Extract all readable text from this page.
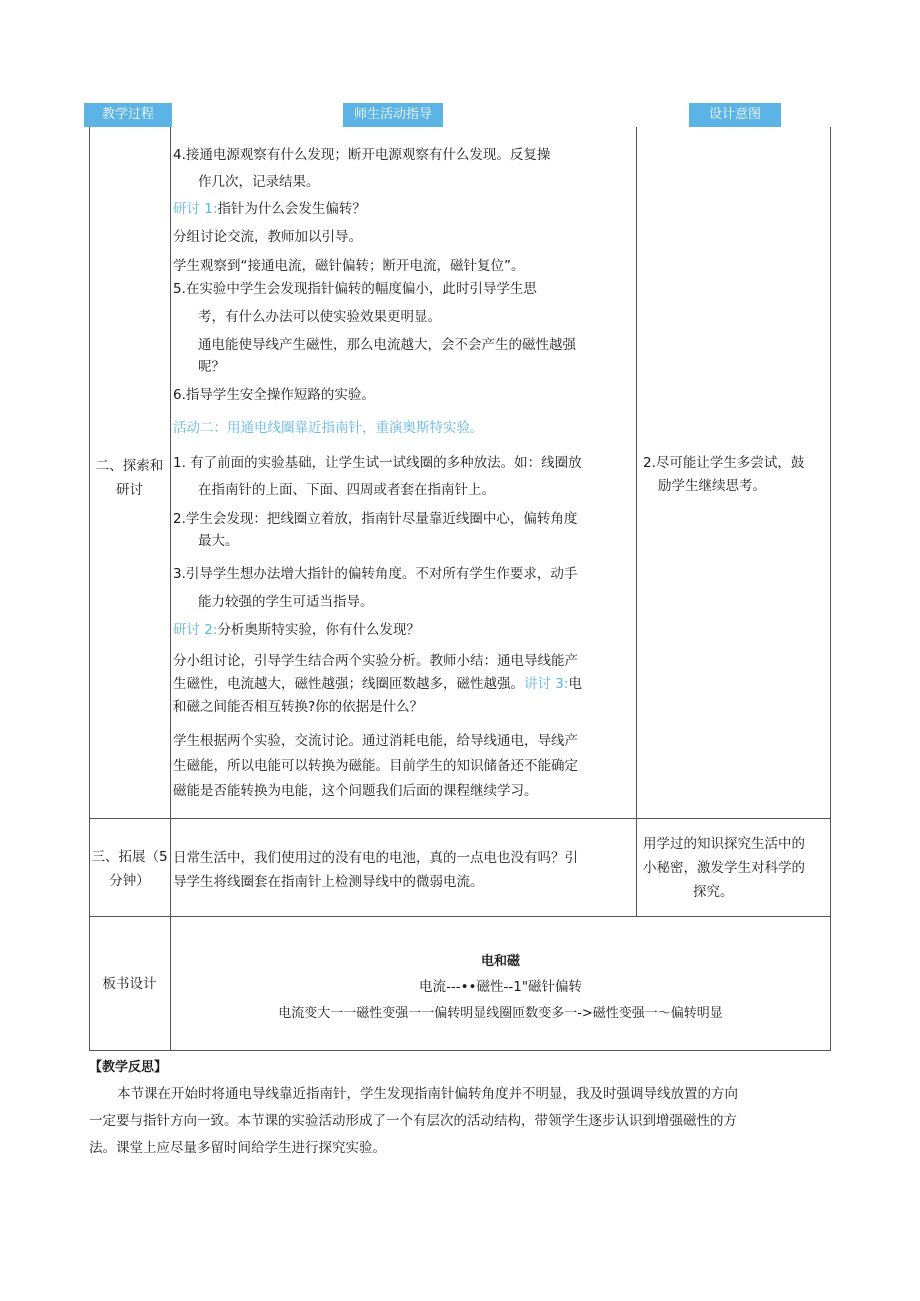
教学过程	师生活动指导	设计意图
二、探索和
研讨
4.接通电源观察有什么发现；断开电源观察有什么发现。反复操
作几次，记录结果。
研讨 1:指针为什么会发生偏转？
分组讨论交流，教师加以引导。
学生观察到“接通电流，磁针偏转；断开电流，磁针复位”。
5.在实验中学生会发现指针偏转的幅度偏小，此时引导学生思
考，有什么办法可以使实验效果更明显。
通电能使导线产生磁性，那么电流越大，会不会产生的磁性越强
呢？
6.指导学生安全操作短路的实验。
活动二：用通电线圈靠近指南针，重演奥斯特实验。
1. 有了前面的实验基础，让学生试一试线圈的多种放法。如：线圈放
在指南针的上面、下面、四周或者套在指南针上。
2.学生会发现：把线圈立着放，指南针尽量靠近线圈中心，偏转角度
最大。
3.引导学生想办法增大指针的偏转角度。不对所有学生作要求，动手
能力较强的学生可适当指导。
研讨 2:分析奥斯特实验，你有什么发现？
分小组讨论，引导学生结合两个实验分析。教师小结：通电导线能产
生磁性，电流越大，磁性越强；线圈匝数越多，磁性越强。讲讨 3:电
和磁之间能否相互转换?你的依据是什么？
学生根据两个实验，交流讨论。通过消耗电能，给导线通电，导线产
生磁能，所以电能可以转换为磁能。目前学生的知识储备还不能确定
磁能是否能转换为电能，这个问题我们后面的课程继续学习。
2.尽可能让学生多尝试，鼓
励学生继续思考。
三、拓展（5
分钟）
日常生活中，我们使用过的没有电的电池，真的一点电也没有吗？引
导学生将线圈套在指南针上检测导线中的微弱电流。
用学过的知识探究生活中的
小秘密，激发学生对科学的
探究。
板书设计
电和磁
电流---••磁性--1"磁针偏转
电流变大一一磁性变强一一偏转明显线圈匝数变多一->磁性变强一～偏转明显
【教学反思】
本节课在开始时将通电导线靠近指南针，学生发现指南针偏转角度并不明显，我及时强调导线放置的方向
一定要与指针方向一致。本节课的实验活动形成了一个有层次的活动结构，带领学生逐步认识到增强磁性的方
法。课堂上应尽量多留时间给学生进行探究实验。
